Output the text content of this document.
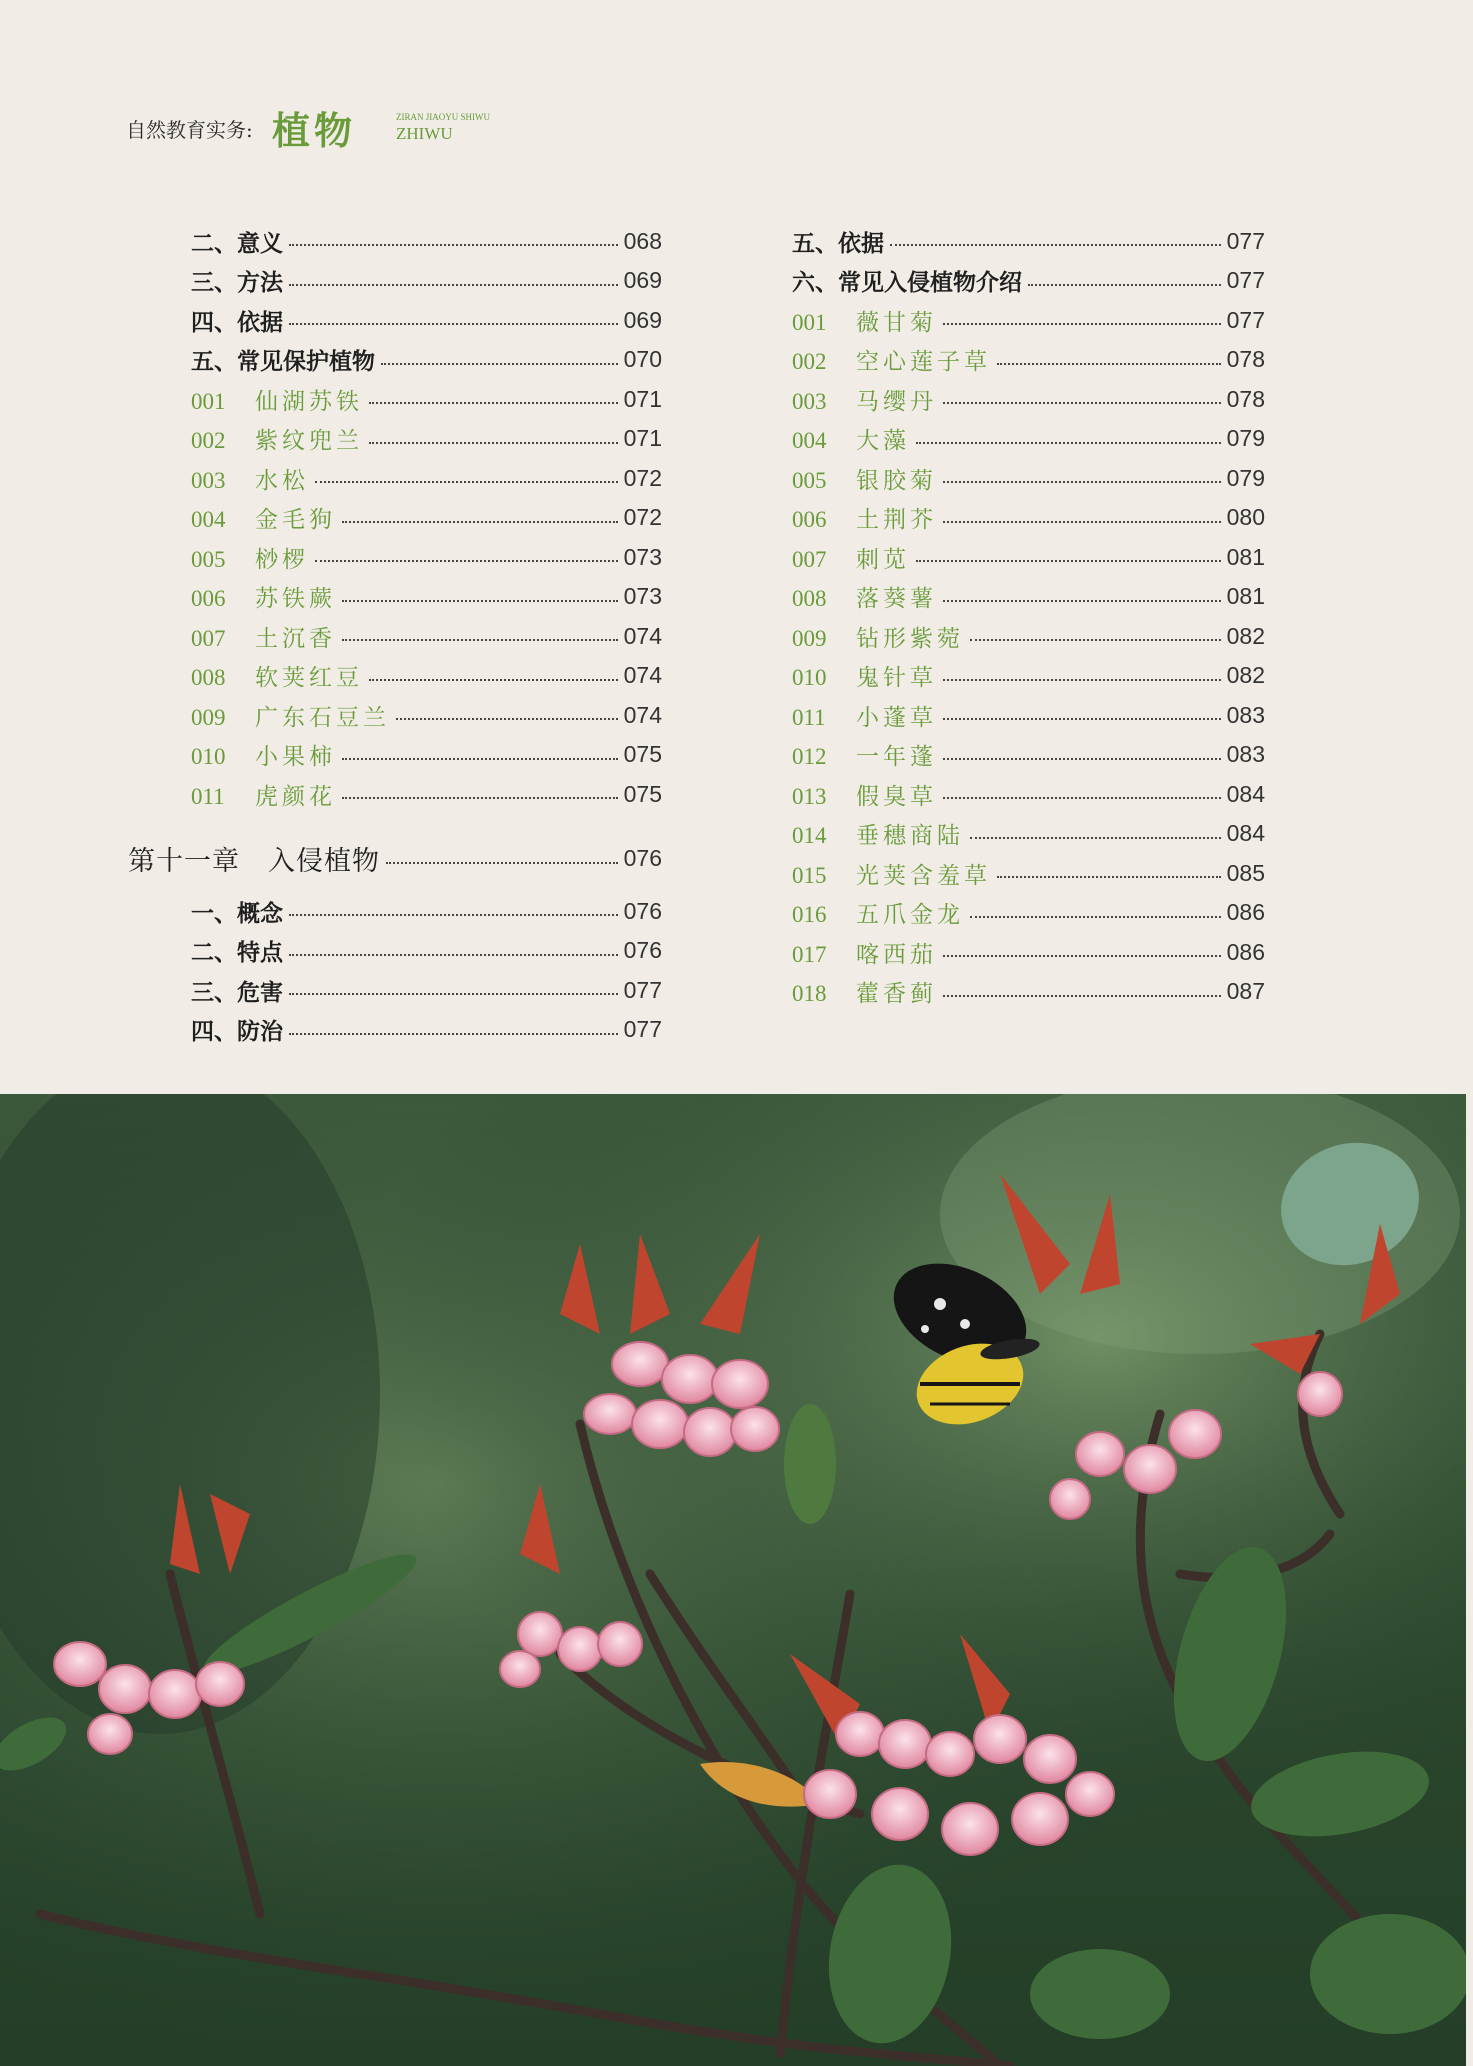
自然教育实务: 植物	ZIRAN JIAOYU SHIWU
ZHIWU
二、意义	068
三、方法	069
四、依据	069
五、常见保护植物	070
001 仙湖苏铁	071
002 紫纹兜兰	071
003 水松	072
004 金毛狗	072
005 桫椤	073
006 苏铁蕨	073
007 土沉香	074
008 软荚红豆	074
009 广东石豆兰	074
010 小果柿	075
011 虎颜花	075
第十一章　入侵植物	076
一、概念	076
二、特点	076
三、危害	077
四、防治	077
五、依据	077
六、常见入侵植物介绍	077
001 薇甘菊	077
002 空心莲子草	078
003 马缨丹	078
004 大藻	079
005 银胶菊	079
006 土荆芥	080
007 刺苋	081
008 落葵薯	081
009 钻形紫菀	082
010 鬼针草	082
011 小蓬草	083
012 一年蓬	083
013 假臭草	084
014 垂穗商陆	084
015 光荚含羞草	085
016 五爪金龙	086
017 喀西茄	086
018 藿香蓟	087
